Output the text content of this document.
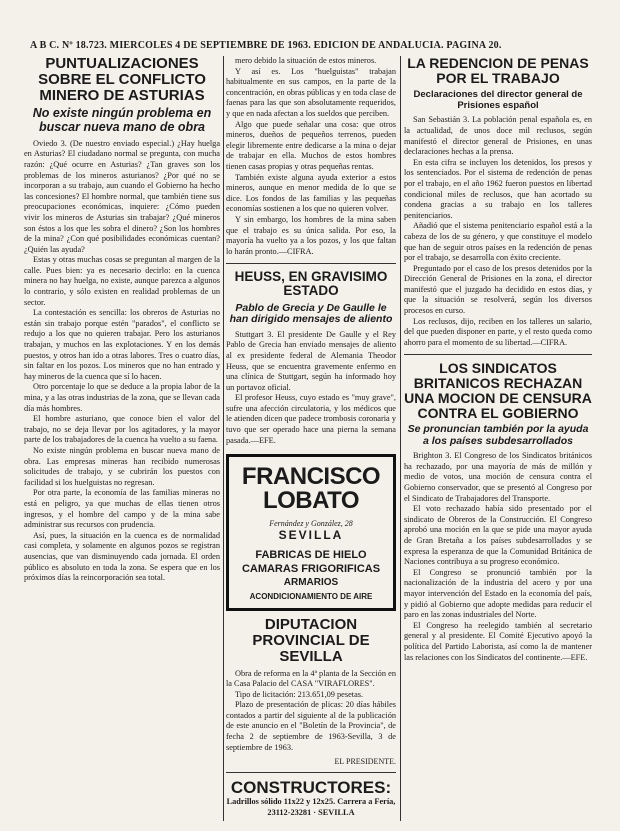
A B C. Nº 18.723. MIERCOLES 4 DE SEPTIEMBRE DE 1963. EDICION DE ANDALUCIA. PAGINA 20.
PUNTUALIZACIONES SOBRE EL CONFLICTO MINERO DE ASTURIAS
No existe ningún problema en buscar nueva mano de obra

Oviedo 3. (De nuestro enviado especial.) ¿Hay huelga en Asturias? El ciudadano normal se pregunta, con mucha razón: ¿Qué ocurre en Asturias? ¿Tan graves son los problemas de los mineros asturianos? ¿Por qué no se incorporan a su trabajo, aun cuando el Gobierno ha hecho las concesiones? El hombre normal, que también tiene sus preocupaciones económicas, inquiere: ¿Cómo pueden vivir los mineros de Asturias sin trabajar? ¿Qué mineros son éstos a los que les sobra el dinero? ¿Son los hombres de la mina? ¿Con qué posibilidades económicas cuentan? ¿Quién las ayuda?

Estas y otras muchas cosas se preguntan al margen de la calle. Pues bien: ya es necesario decirlo: en la cuenca minera no hay huelga, no existe, aunque parezca a algunos lo contrario, y sólo existen en realidad problemas de un sector.

La contestación es sencilla: los obreros de Asturias no están sin trabajo porque estén "parados", el conflicto se redujo a los que no quieren trabajar. Pero los asturianos trabajan, y muchos en las explotaciones. Y en los demás puestos, y otros han ido a otras labores. Tres o cuatro días, sin faltar en los pozos. Los mineros que no han entrado y hay mineros de la cuenca que sí lo hacen.

Otro porcentaje lo que se deduce a la propia labor de la mina, y a las otras industrias de la zona, que se llevan cada día más hombres.

El hombre asturiano, que conoce bien el valor del trabajo, no se deja llevar por los agitadores, y la mayor parte de los trabajadores de la cuenca ha vuelto a su faena.

No existe ningún problema en buscar nueva mano de obra. Las empresas mineras han recibido numerosas solicitudes de trabajo, y se cubrirán los puestos con facilidad si los huelguistas no regresan.

Por otra parte, la economía de las familias mineras no está en peligro, ya que muchas de ellas tienen otros ingresos, y el hombre del campo y de la mina sabe administrar sus recursos con prudencia.

Así, pues, la situación en la cuenca es de normalidad casi completa, y solamente en algunos pozos se registran ausencias, que van disminuyendo cada jornada. El orden público es absoluto en toda la zona. Se espera que en los próximos días la reincorporación sea total.

mero debido la situación de estos mineros.

Y así es. Los "huelguistas" trabajan habitualmente en sus campos, en la parte de la concentración, en obras públicas y en toda clase de faenas para las que son absolutamente requeridos, y que en nada afectan a los sueldos que perciben.

Algo que puede señalar una cosa: que otros mineros, dueños de pequeños terrenos, pueden elegir libremente entre dedicarse a la mina o dejar de trabajar en ella. Muchos de estos hombres tienen casas propias y otras pequeñas rentas.

También existe alguna ayuda exterior a estos mineros, aunque en menor medida de lo que se dice. Los fondos de las familias y las pequeñas economías sostienen a los que no quieren volver.

Y sin embargo, los hombres de la mina saben que el trabajo es su única salida. Por eso, la mayoría ha vuelto ya a los pozos, y los que faltan lo harán pronto.—CIFRA.

HEUSS, EN GRAVISIMO ESTADO
Pablo de Grecia y De Gaulle le han dirigido mensajes de aliento

Stuttgart 3. El presidente De Gaulle y el Rey Pablo de Grecia han enviado mensajes de aliento al ex presidente federal de Alemania Theodor Heuss, que se encuentra gravemente enfermo en una clínica de Stuttgart, según ha informado hoy un portavoz oficial.

El profesor Heuss, cuyo estado es "muy grave", sufre una afección circulatoria, y los médicos que le atienden dicen que padece trombosis coronaria y tuvo que ser operado hace una pierna la semana pasada.—EFE.

FRANCISCO LOBATO
Fernández y González, 28
SEVILLA
FABRICAS DE HIELO
CAMARAS FRIGORIFICAS
ARMARIOS
ACONDICIONAMIENTO DE AIRE
DIPUTACION PROVINCIAL DE SEVILLA

Obra de reforma en la 4ª planta de la Sección en la Casa Palacio del CASA "VIRAFLORES".

Tipo de licitación: 213.651,09 pesetas.

Plazo de presentación de plicas: 20 días hábiles contados a partir del siguiente al de la publicación de este anuncio en el "Boletín de la Provincia", de fecha 2 de septiembre de 1963-Sevilla, 3 de septiembre de 1963.

EL PRESIDENTE.
CONSTRUCTORES:

Ladrillos sólido 11x22 y 12x25. Carrera a Fería, 23112-23281 · SEVILLA

LA REDENCION DE PENAS POR EL TRABAJO
Declaraciones del director general de Prisiones español

San Sebastián 3. La población penal española es, en la actualidad, de unos doce mil reclusos, según manifestó el director general de Prisiones, en unas declaraciones hechas a la prensa.

En esta cifra se incluyen los detenidos, los presos y los sentenciados. Por el sistema de redención de penas por el trabajo, en el año 1962 fueron puestos en libertad condicional miles de reclusos, que han acortado su condena gracias a su trabajo en los talleres penitenciarios.

Añadió que el sistema penitenciario español está a la cabeza de los de su género, y que constituye el modelo que han de seguir otros países en la redención de penas por el trabajo, se desarrolla con éxito creciente.

Preguntado por el caso de los presos detenidos por la Dirección General de Prisiones en la zona, el director manifestó que el juzgado ha decidido en estos días, y que la situación se resolverá, según los diversos procesos en curso.

Los reclusos, dijo, reciben en los talleres un salario, del que pueden disponer en parte, y el resto queda como ahorro para el momento de su libertad.—CIFRA.

LOS SINDICATOS BRITANICOS RECHAZAN UNA MOCION DE CENSURA CONTRA EL GOBIERNO
Se pronuncian también por la ayuda a los países subdesarrollados

Brighton 3. El Congreso de los Sindicatos británicos ha rechazado, por una mayoría de más de millón y medio de votos, una moción de censura contra el Gobierno conservador, que se presentó al Congreso por el Sindicato de Trabajadores del Transporte.

El voto rechazado había sido presentado por el sindicato de Obreros de la Construcción. El Congreso aprobó una moción en la que se pide una mayor ayuda de Gran Bretaña a los países subdesarrollados y se expresa la esperanza de que la Comunidad Británica de Naciones contribuya a su progreso económico.

El Congreso se pronunció también por la nacionalización de la industria del acero y por una mayor intervención del Estado en la economía del país, y pidió al Gobierno que adopte medidas para reducir el paro en las zonas industriales del Norte.

El Congreso ha reelegido también al secretario general y al presidente. El Comité Ejecutivo apoyó la política del Partido Laborista, así como la de mantener las relaciones con los Sindicatos del continente.—EFE.
